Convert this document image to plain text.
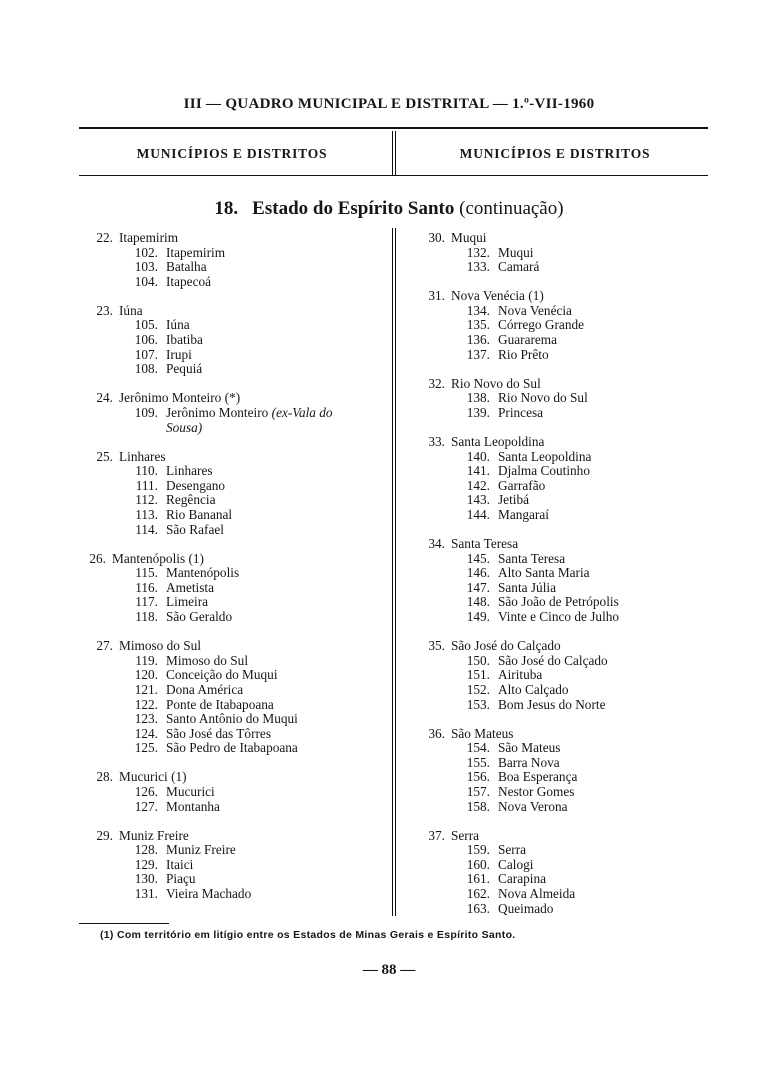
III — QUADRO MUNICIPAL E DISTRITAL — 1.º-VII-1960
MUNICÍPIOS E DISTRITOS	MUNICÍPIOS E DISTRITOS
18. Estado do Espírito Santo (continuação)
22. Itapemirim
102. Itapemirim
103. Batalha
104. Itapecoá
23. Iúna
105. Iúna
106. Ibatiba
107. Irupi
108. Pequiá
24. Jerônimo Monteiro (*)
109. Jerônimo Monteiro (ex-Vala do
Sousa)
25. Linhares
110. Linhares
111. Desengano
112. Regência
113. Rio Bananal
114. São Rafael
26. Mantenópolis (1)
115. Mantenópolis
116. Ametista
117. Limeira
118. São Geraldo
27. Mimoso do Sul
119. Mimoso do Sul
120. Conceição do Muqui
121. Dona América
122. Ponte de Itabapoana
123. Santo Antônio do Muqui
124. São José das Tôrres
125. São Pedro de Itabapoana
28. Mucurici (1)
126. Mucurici
127. Montanha
29. Muniz Freire
128. Muniz Freire
129. Itaici
130. Piaçu
131. Vieira Machado
30. Muqui
132. Muqui
133. Camará
31. Nova Venécia (1)
134. Nova Venécia
135. Córrego Grande
136. Guararema
137. Rio Prêto
32. Rio Novo do Sul
138. Rio Novo do Sul
139. Princesa
33. Santa Leopoldina
140. Santa Leopoldina
141. Djalma Coutinho
142. Garrafão
143. Jetibá
144. Mangaraí
34. Santa Teresa
145. Santa Teresa
146. Alto Santa Maria
147. Santa Júlia
148. São João de Petrópolis
149. Vinte e Cinco de Julho
35. São José do Calçado
150. São José do Calçado
151. Airituba
152. Alto Calçado
153. Bom Jesus do Norte
36. São Mateus
154. São Mateus
155. Barra Nova
156. Boa Esperança
157. Nestor Gomes
158. Nova Verona
37. Serra
159. Serra
160. Calogi
161. Carapina
162. Nova Almeida
163. Queimado
(1) Com território em litígio entre os Estados de Minas Gerais e Espírito Santo.
— 88 —
